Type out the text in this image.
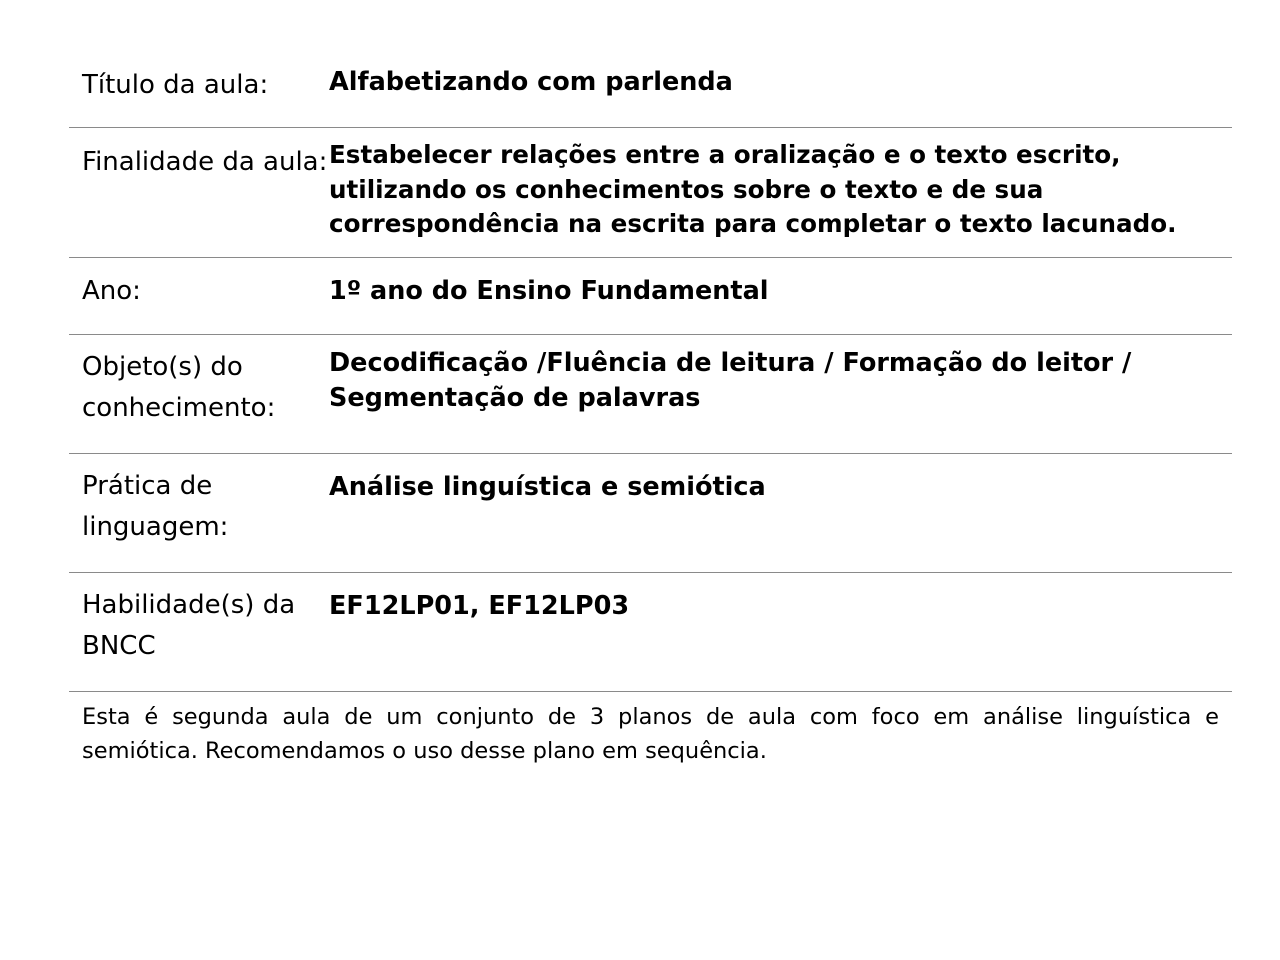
Título da aula:	Alfabetizando com parlenda
Finalidade da aula: Estabelecer relações entre a oralização e o texto escrito, utilizando os conhecimentos sobre o texto e de sua correspondência na escrita para completar o texto lacunado.
Ano:	1º ano do Ensino Fundamental
Objeto(s) do conhecimento:
Decodificação /Fluência de leitura / Formação do leitor / Segmentação de palavras
Prática de linguagem:
Análise linguística e semiótica
Habilidade(s) da BNCC
EF12LP01, EF12LP03
Esta é segunda aula de um conjunto de 3 planos de aula com foco em análise linguística e semiótica. Recomendamos o uso desse plano em sequência.
